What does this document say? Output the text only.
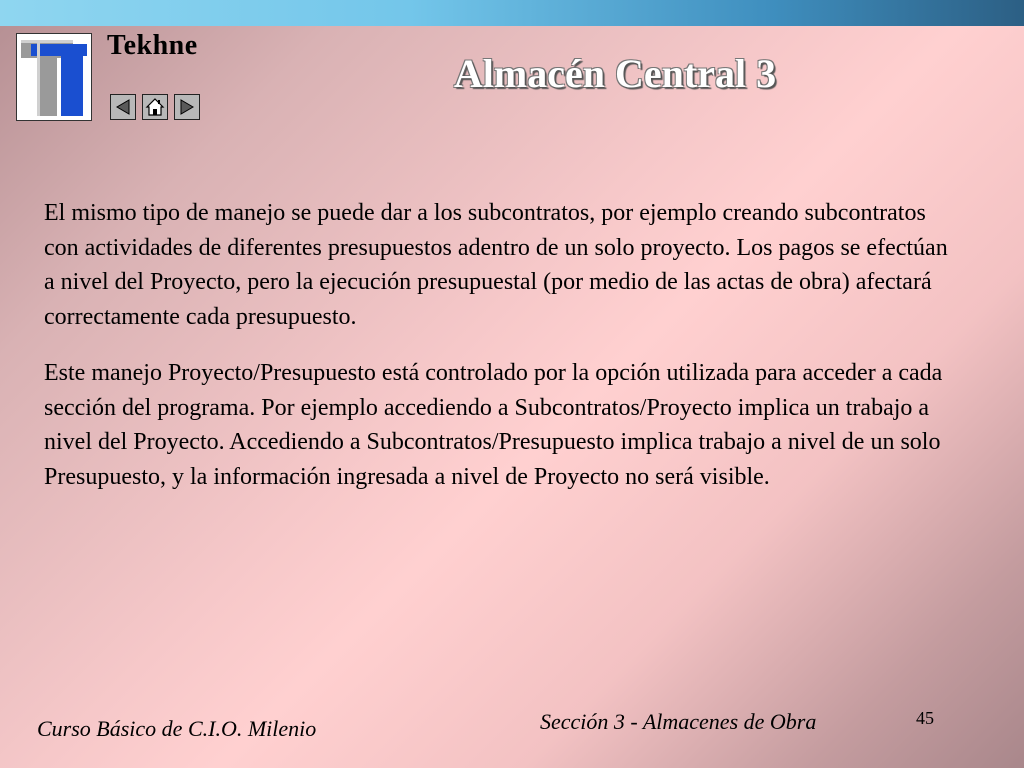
Tekhne
Almacén Central 3

El mismo tipo de manejo se puede dar a los subcontratos, por ejemplo creando subcontratos con actividades de diferentes presupuestos adentro de un solo proyecto. Los pagos se efectúan a nivel del Proyecto, pero la ejecución presupuestal (por medio de las actas de obra) afectará correctamente cada presupuesto.

Este manejo Proyecto/Presupuesto está controlado por la opción utilizada para acceder a cada sección del programa. Por ejemplo accediendo a Subcontratos/Proyecto implica un trabajo a nivel del Proyecto. Accediendo a Subcontratos/Presupuesto implica trabajo a nivel de un solo Presupuesto, y la información ingresada a nivel de Proyecto no será visible.

Curso Básico de C.I.O. Milenio	Sección 3 - Almacenes de Obra	45
